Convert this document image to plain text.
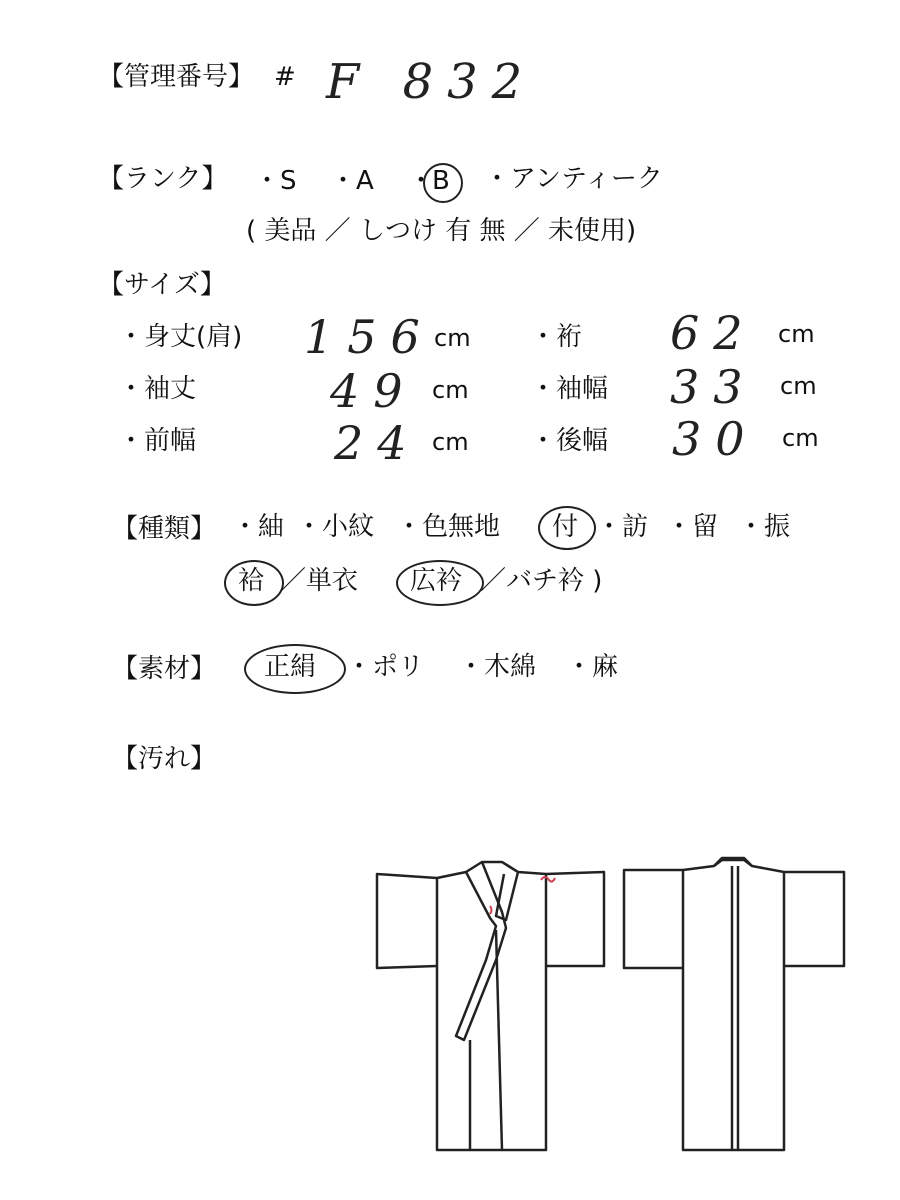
【管理番号】 # F 832
【ランク】 ・S ・A ・
B ・アンティーク
( 美品 ／ しつけ 有 無 ／ 未使用)
【サイズ】
・身丈(肩) 156 cm ・裄 62 cm
・袖丈	49 cm ・袖幅 33 cm
・前幅	24 cm ・後幅 30 cm
【種類】 ・紬 ・小紋 ・色無地 付 ・訪 ・留 ・振
袷 ／単衣 広衿 ／バチ衿 )
【素材】 正絹 ・ポリ ・木綿 ・麻
【汚れ】
